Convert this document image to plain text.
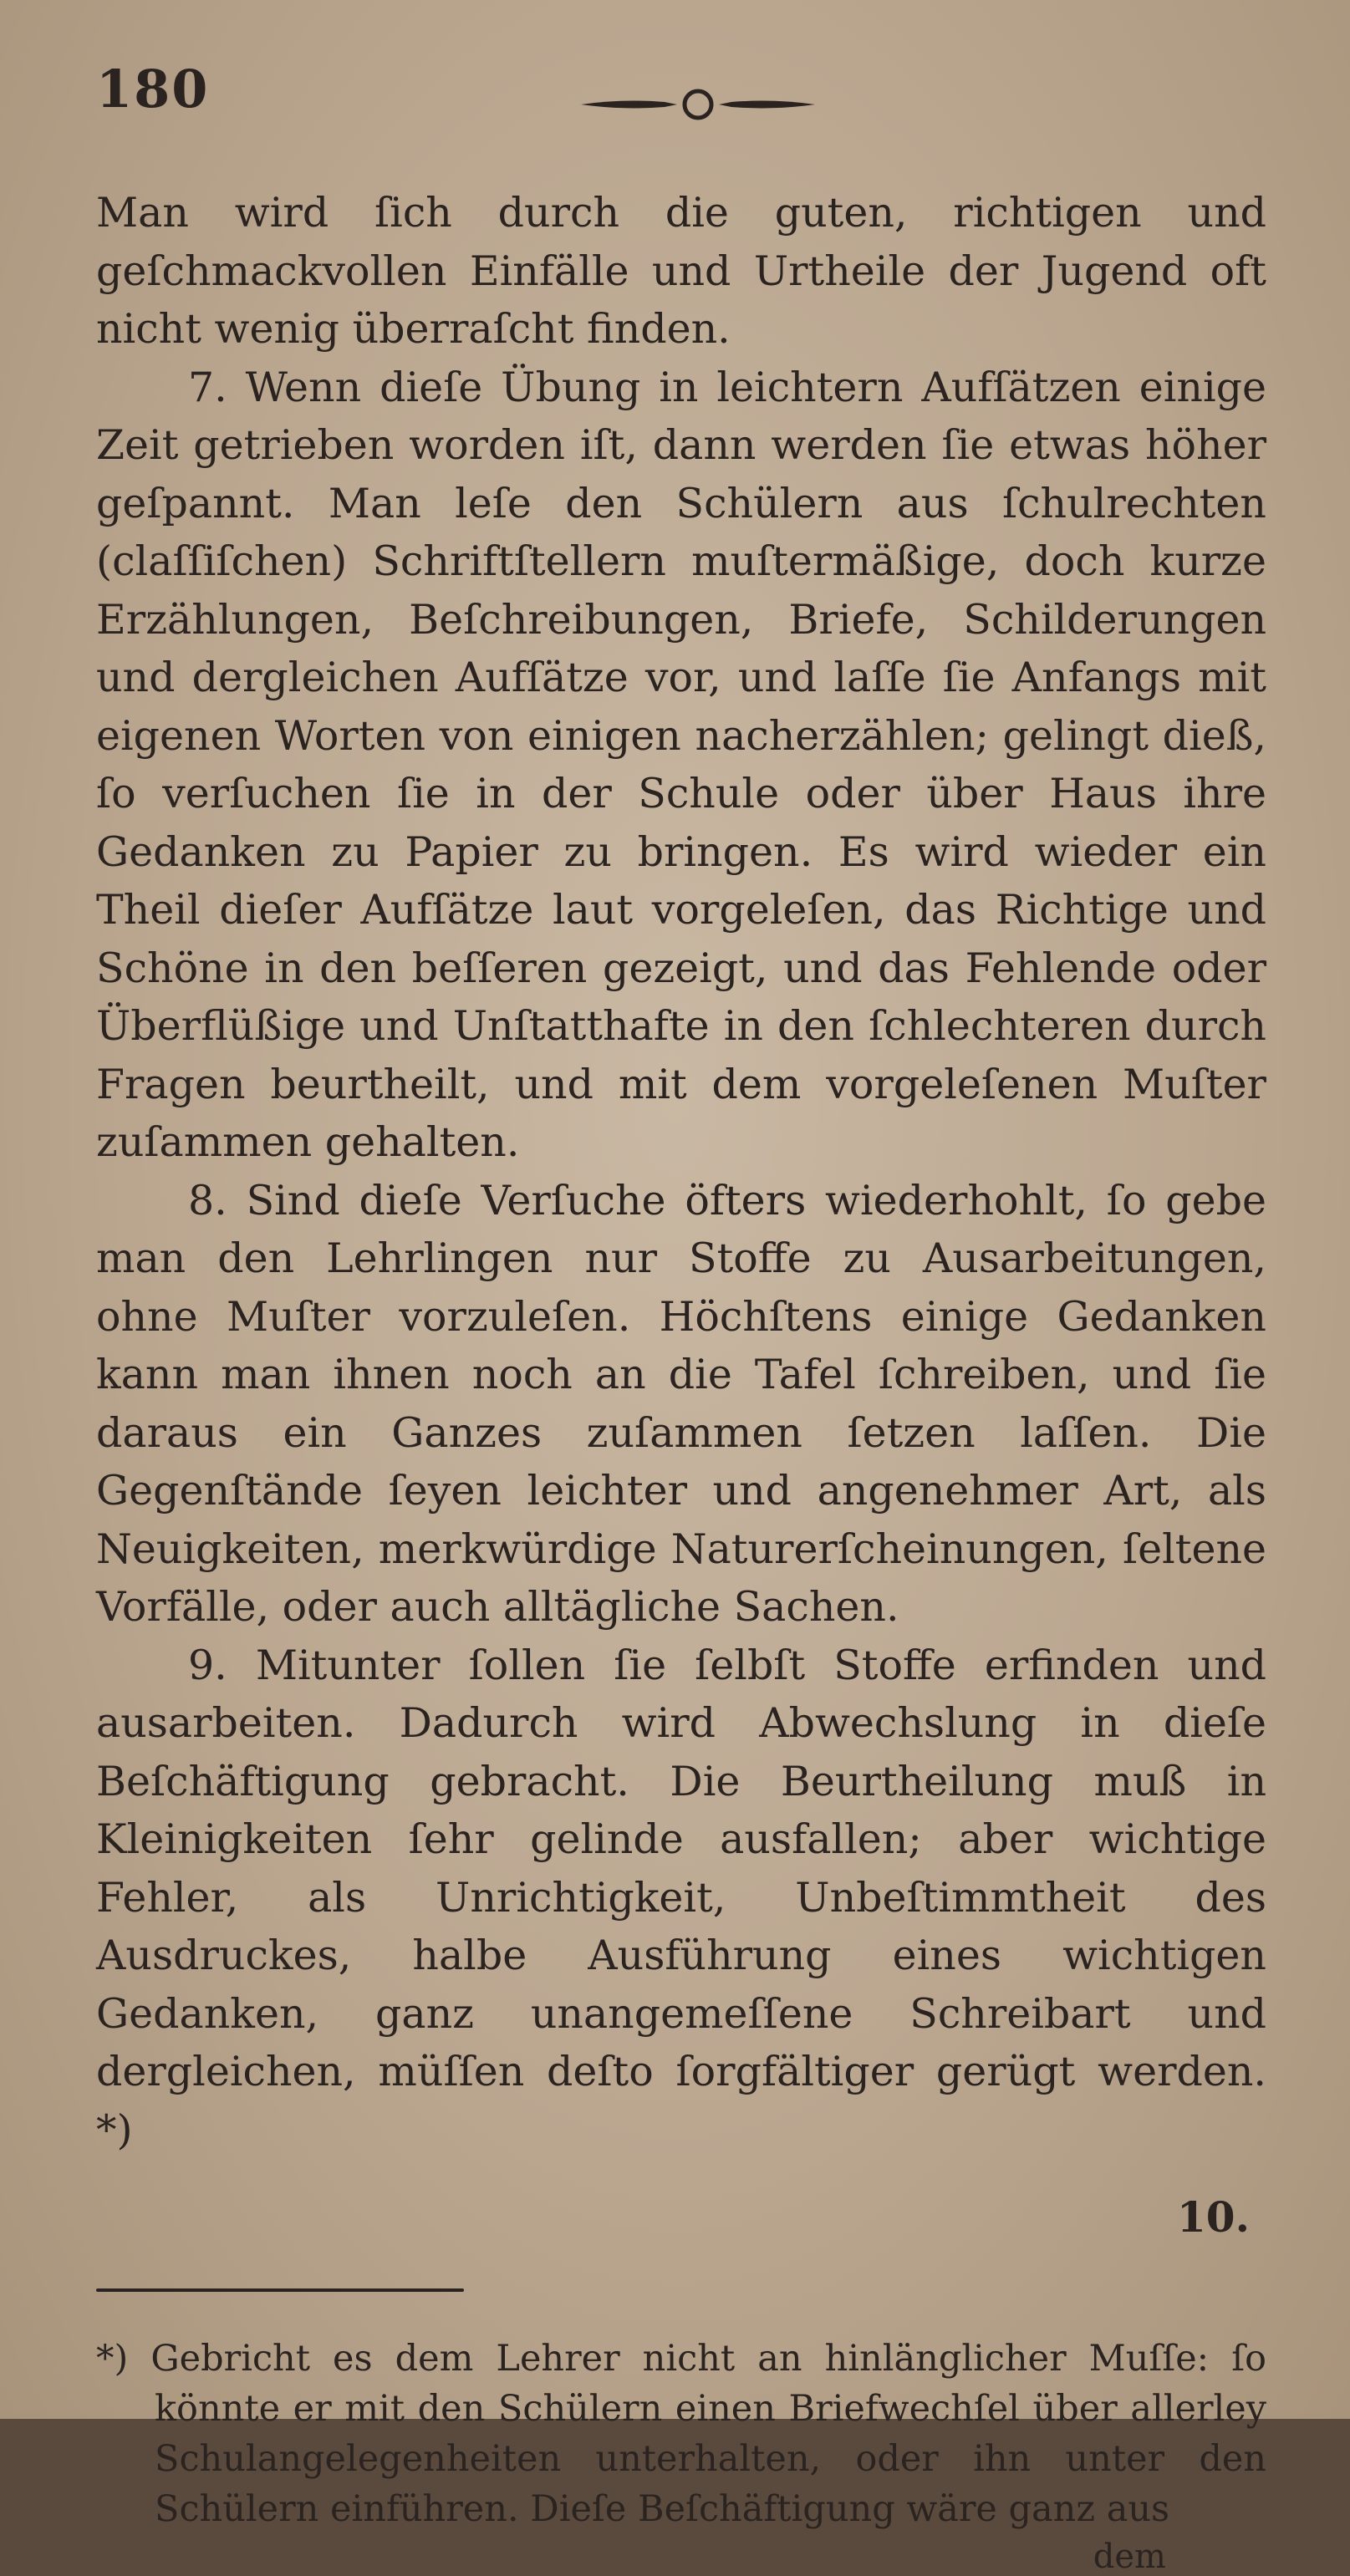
180

Man wird ſich durch die guten, richtigen und geſchmackvollen Einfälle und Urtheile der Jugend oft nicht wenig überraſcht finden.

7. Wenn dieſe Übung in leichtern Aufſätzen einige Zeit getrieben worden iſt, dann werden ſie etwas höher geſpannt. Man leſe den Schülern aus ſchulrechten (claſſiſchen) Schriftſtellern muſtermäßige, doch kurze Erzählungen, Beſchreibungen, Briefe, Schilderungen und dergleichen Aufſätze vor, und laſſe ſie Anfangs mit eigenen Worten von einigen nacherzählen; gelingt dieß, ſo verſuchen ſie in der Schule oder über Haus ihre Gedanken zu Papier zu bringen. Es wird wieder ein Theil dieſer Aufſätze laut vorgeleſen, das Richtige und Schöne in den beſſeren gezeigt, und das Fehlende oder Überflüßige und Unſtatthafte in den ſchlechteren durch Fragen beurtheilt, und mit dem vorgeleſenen Muſter zuſammen gehalten.

8. Sind dieſe Verſuche öfters wiederhohlt, ſo gebe man den Lehrlingen nur Stoffe zu Ausarbeitungen, ohne Muſter vorzuleſen. Höchſtens einige Gedanken kann man ihnen noch an die Tafel ſchreiben, und ſie daraus ein Ganzes zuſammen ſetzen laſſen. Die Gegenſtände ſeyen leichter und angenehmer Art, als Neuigkeiten, merkwürdige Naturerſcheinungen, ſeltene Vorfälle, oder auch alltägliche Sachen.

9. Mitunter ſollen ſie ſelbſt Stoffe erfinden und ausarbeiten. Dadurch wird Abwechslung in dieſe Beſchäftigung gebracht. Die Beurtheilung muß in Kleinigkeiten ſehr gelinde ausfallen; aber wichtige Fehler, als Unrichtigkeit, Unbeſtimmtheit des Ausdruckes, halbe Ausführung eines wichtigen Gedanken, ganz unangemeſſene Schreibart und dergleichen, müſſen deſto ſorgfältiger gerügt werden. *)

10.

*) Gebricht es dem Lehrer nicht an hinlänglicher Muſſe: ſo könnte er mit den Schülern einen Briefwechſel über allerley Schulangelegenheiten unterhalten, oder ihn unter den Schülern einführen. Dieſe Beſchäftigung wäre ganz aus

dem
